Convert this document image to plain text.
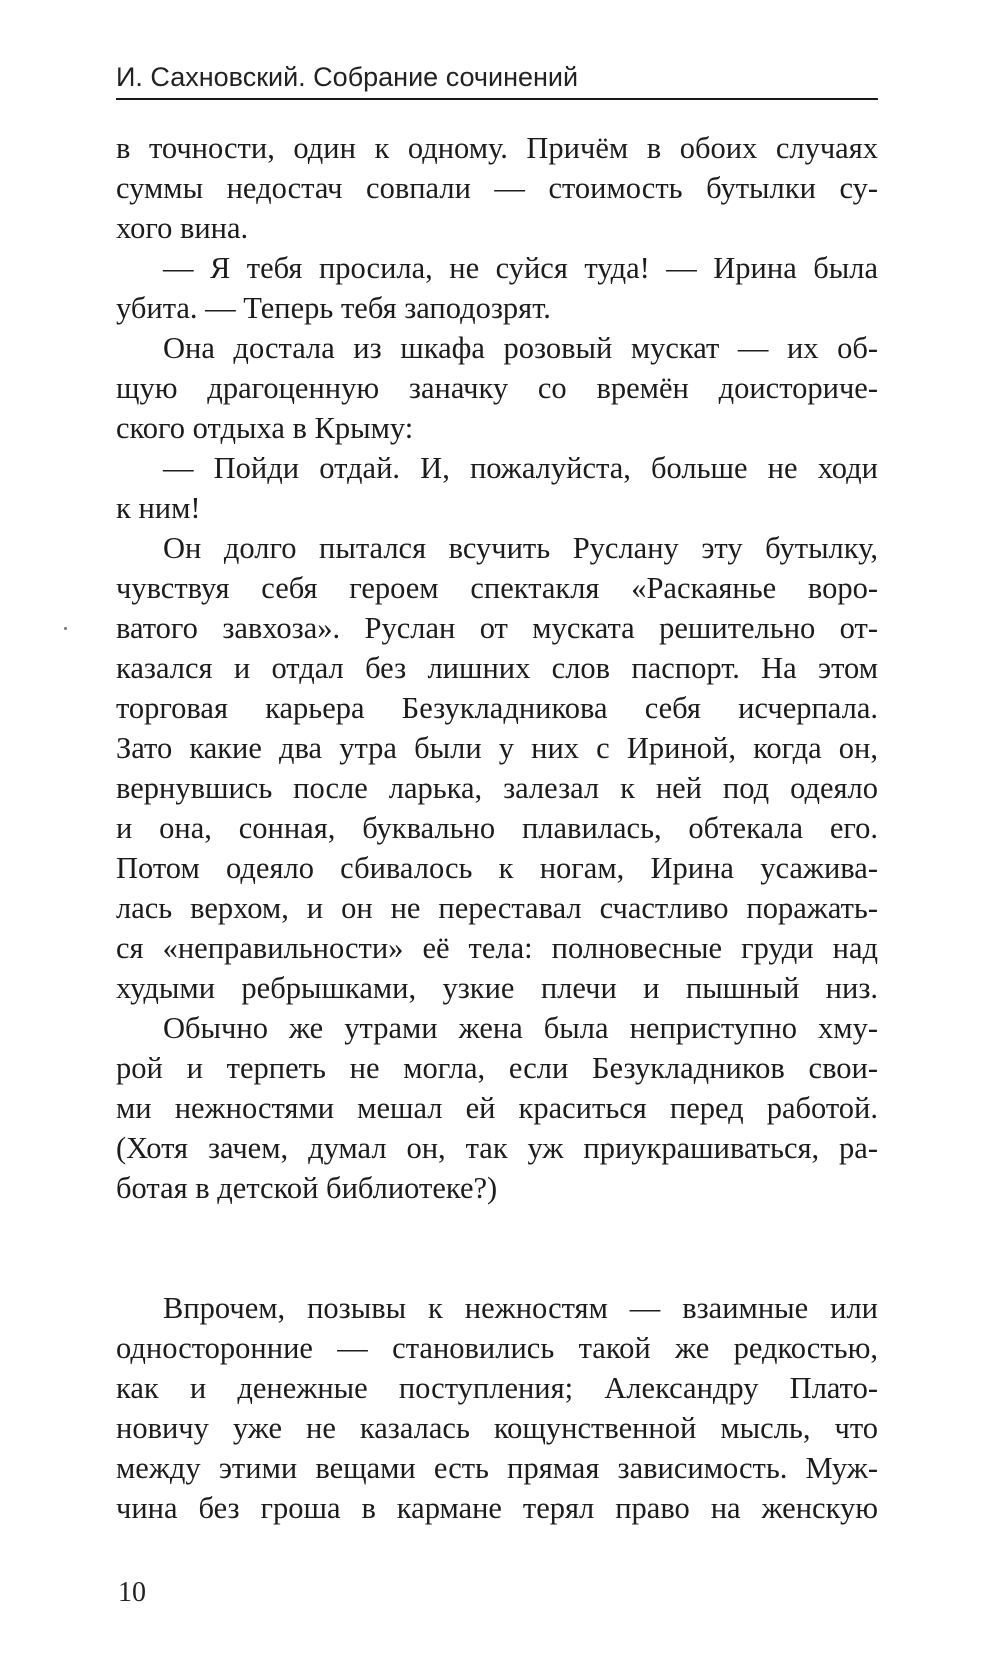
И. Сахновский. Собрание сочинений
в точности, один к одному. Причём в обоих случаях
суммы недостач совпали — стоимость бутылки су-
хого вина.
— Я тебя просила, не суйся туда! — Ирина была
убита. — Теперь тебя заподозрят.
Она достала из шкафа розовый мускат — их об-
щую драгоценную заначку со времён доисториче-
ского отдыха в Крыму:
— Пойди отдай. И, пожалуйста, больше не ходи
к ним!
Он долго пытался всучить Руслану эту бутылку,
чувствуя себя героем спектакля «Раскаянье воро-
ватого завхоза». Руслан от муската решительно от-
казался и отдал без лишних слов паспорт. На этом
торговая карьера Безукладникова себя исчерпала.
Зато какие два утра были у них с Ириной, когда он,
вернувшись после ларька, залезал к ней под одеяло
и она, сонная, буквально плавилась, обтекала его.
Потом одеяло сбивалось к ногам, Ирина усажива-
лась верхом, и он не переставал счастливо поражать-
ся «неправильности» её тела: полновесные груди над
худыми ребрышками, узкие плечи и пышный низ.
Обычно же утрами жена была неприступно хму-
рой и терпеть не могла, если Безукладников свои-
ми нежностями мешал ей краситься перед работой.
(Хотя зачем, думал он, так уж приукрашиваться, ра-
ботая в детской библиотеке?)
Впрочем, позывы к нежностям — взаимные или
односторонние — становились такой же редкостью,
как и денежные поступления; Александру Плато-
новичу уже не казалась кощунственной мысль, что
между этими вещами есть прямая зависимость. Муж-
чина без гроша в кармане терял право на женскую
10
